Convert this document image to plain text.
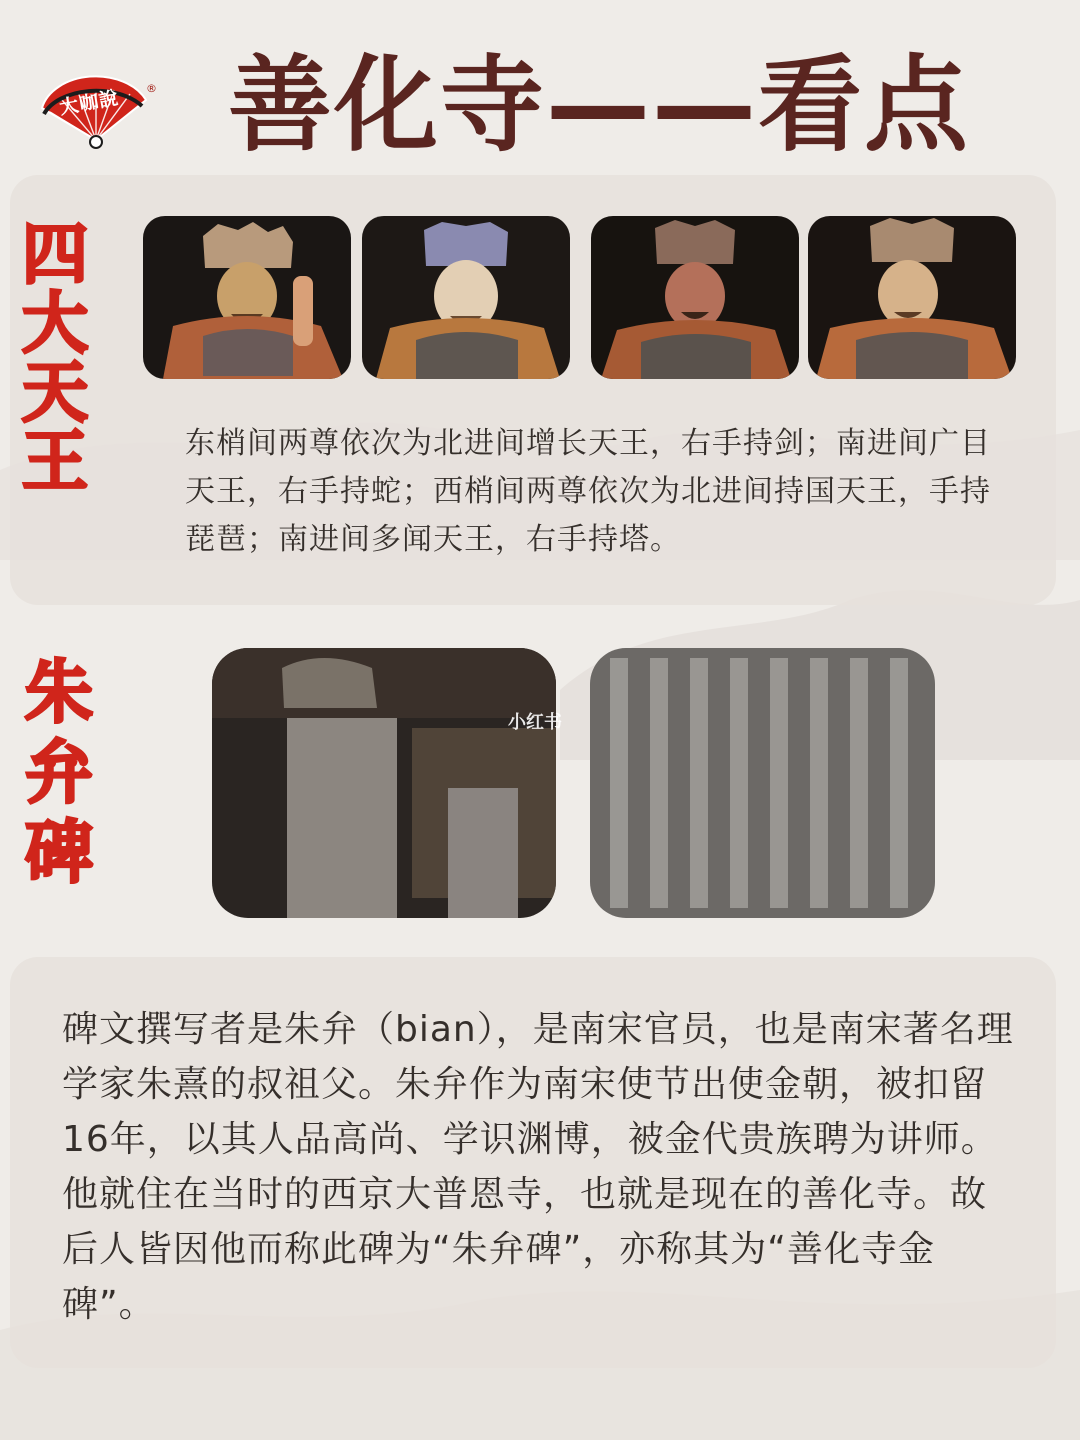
大咖說 ® 善化寺——看点
四
大
天
王	东梢间两尊依次为北进间增长天王，右手持剑；南进间广目天王，右手持蛇；西梢间两尊依次为北进间持国天王，手持琵琶；南进间多闻天王，右手持塔。
朱
弁
碑
小红书
碑文撰写者是朱弁（bian），是南宋官员，也是南宋著名理学家朱熹的叔祖父。朱弁作为南宋使节出使金朝，被扣留16年，以其人品高尚、学识渊博，被金代贵族聘为讲师。他就住在当时的西京大普恩寺，也就是现在的善化寺。故后人皆因他而称此碑为“朱弁碑”，亦称其为“善化寺金碑”。
